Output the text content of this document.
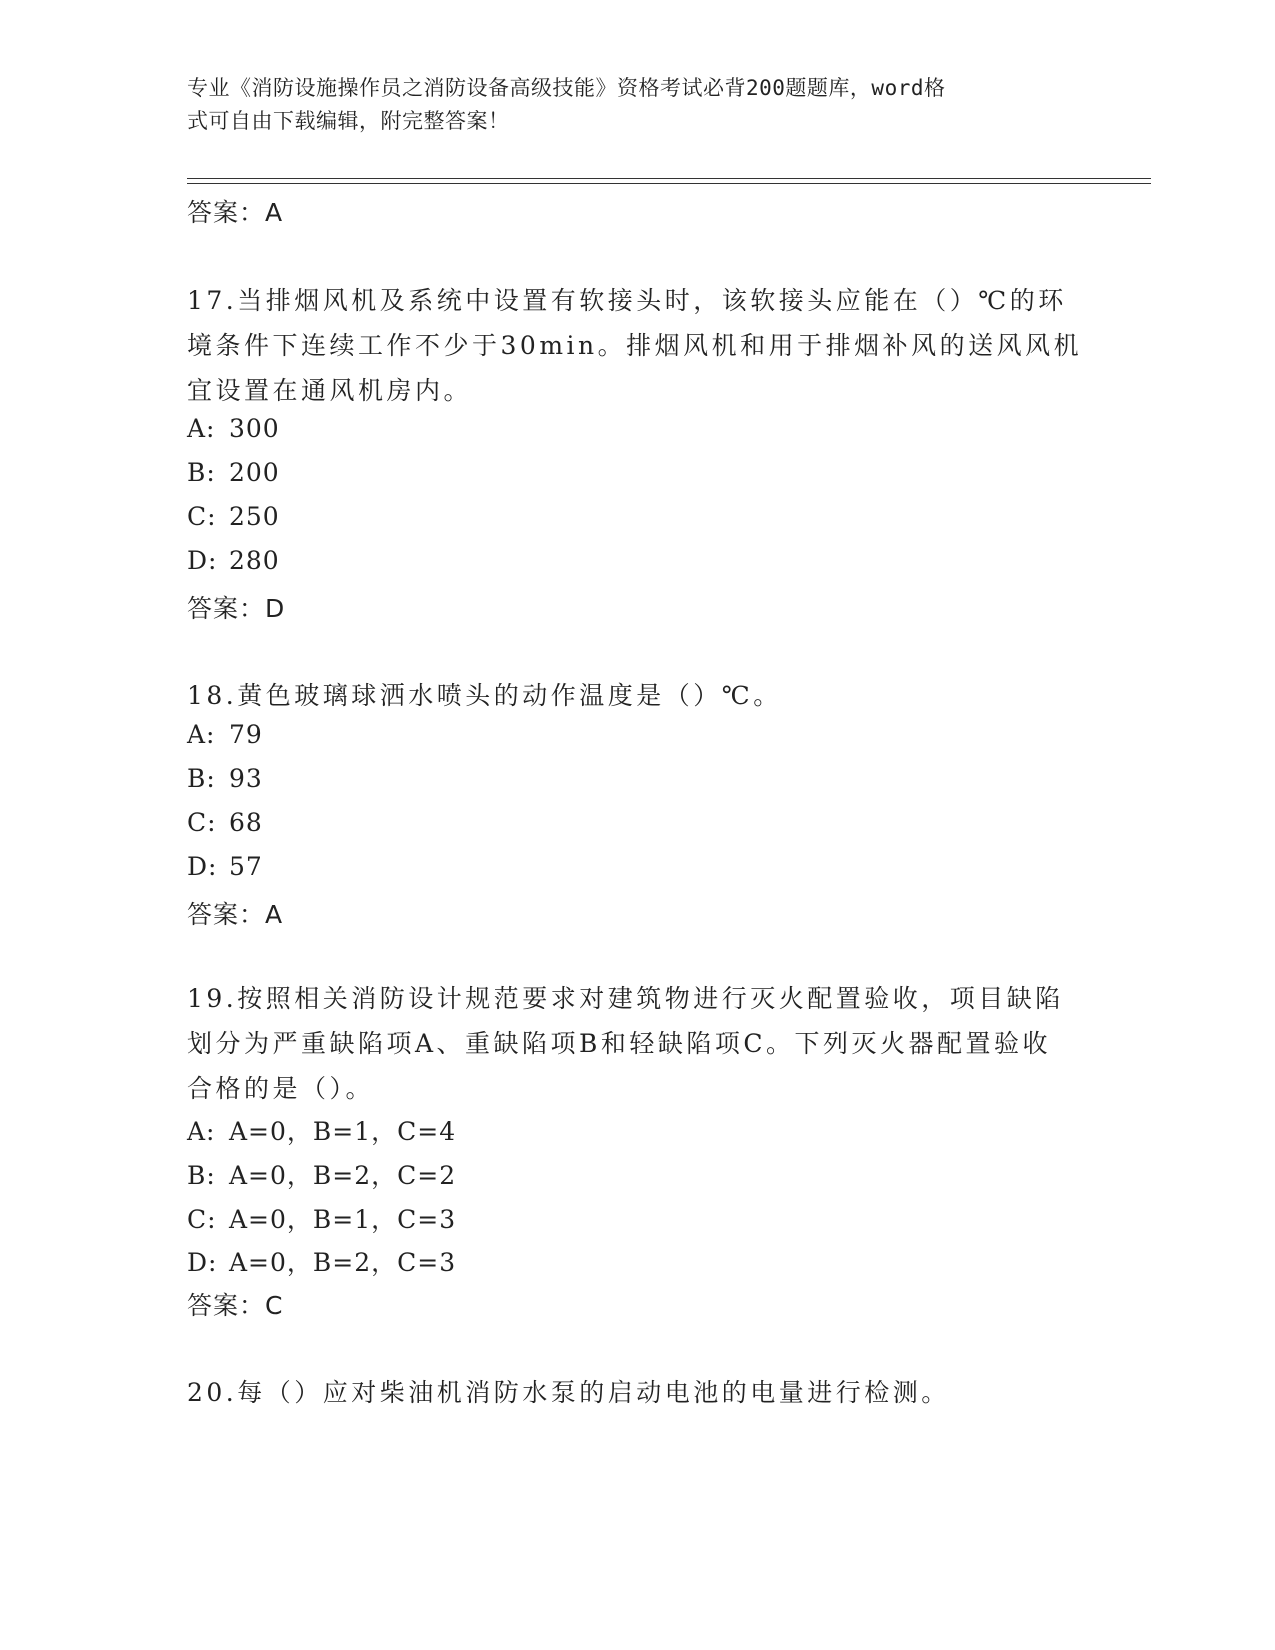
专业《消防设施操作员之消防设备高级技能》资格考试必背200题题库，word格
式可自由下载编辑，附完整答案！
答案：A
17.当排烟风机及系统中设置有软接头时，该软接头应能在（）℃的环
境条件下连续工作不少于30min。排烟风机和用于排烟补风的送风风机
宜设置在通风机房内。
A: 300
B: 200
C: 250
D: 280
答案：D
18.黄色玻璃球洒水喷头的动作温度是（）℃。
A: 79
B: 93
C: 68
D: 57
答案：A
19.按照相关消防设计规范要求对建筑物进行灭火配置验收，项目缺陷
划分为严重缺陷项A、重缺陷项B和轻缺陷项C。下列灭火器配置验收
合格的是（）。
A: A=0，B=1，C=4
B: A=0，B=2，C=2
C: A=0，B=1，C=3
D: A=0，B=2，C=3
答案：C
20.每（）应对柴油机消防水泵的启动电池的电量进行检测。
